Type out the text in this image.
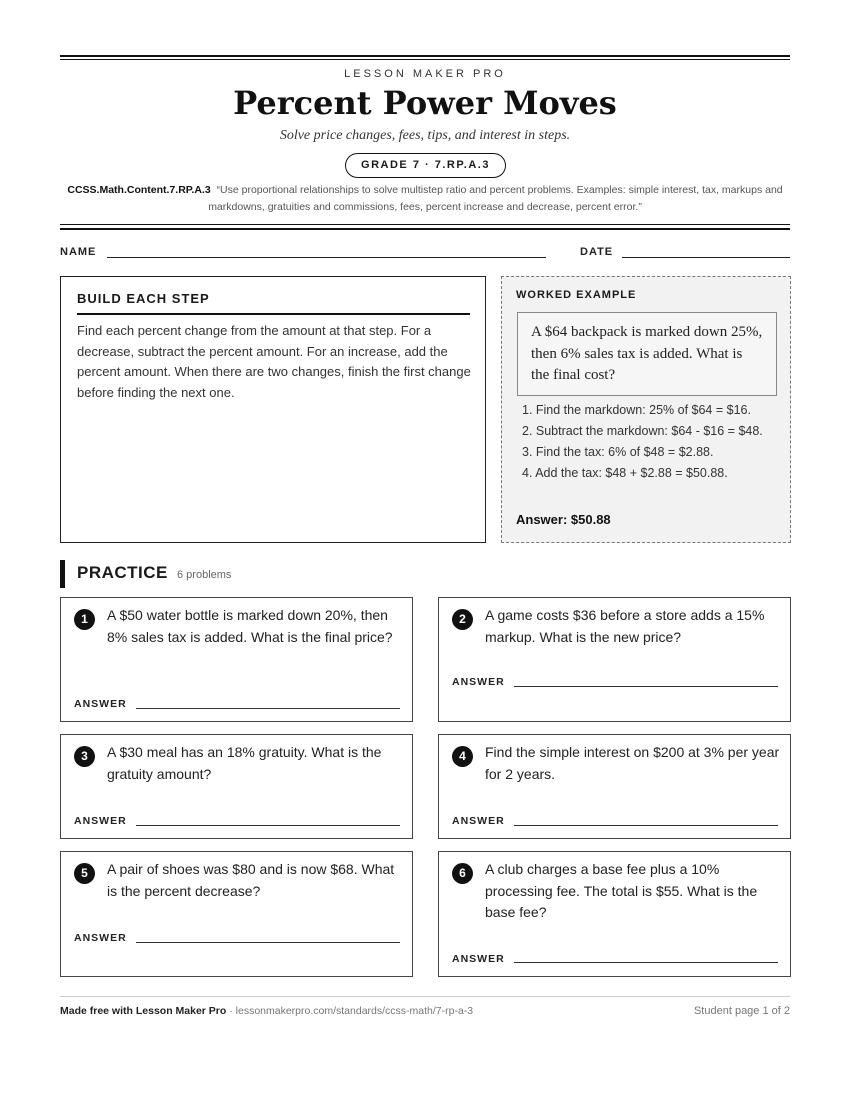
LESSON MAKER PRO
Percent Power Moves
Solve price changes, fees, tips, and interest in steps.
GRADE 7 · 7.RP.A.3
CCSS.Math.Content.7.RP.A.3 “Use proportional relationships to solve multistep ratio and percent problems. Examples: simple interest, tax, markups and markdowns, gratuities and commissions, fees, percent increase and decrease, percent error.”
NAME	DATE
BUILD EACH STEP

Find each percent change from the amount at that step. For a decrease, subtract the percent amount. For an increase, add the percent amount. When there are two changes, finish the first change before finding the next one.

WORKED EXAMPLE
A $64 backpack is marked down 25%, then 6% sales tax is added. What is the final cost?
1. Find the markdown: 25% of $64 = $16.
2. Subtract the markdown: $64 - $16 = $48.
3. Find the tax: 6% of $48 = $2.88.
4. Add the tax: $48 + $2.88 = $50.88.
Answer: $50.88
PRACTICE 6 problems
1	A $50 water bottle is marked down 20%, then 8% sales tax is added. What is the final price?
ANSWER
2	A game costs $36 before a store adds a 15% markup. What is the new price?
ANSWER
3	A $30 meal has an 18% gratuity. What is the gratuity amount?
ANSWER
4	Find the simple interest on $200 at 3% per year for 2 years.
ANSWER
5	A pair of shoes was $80 and is now $68. What is the percent decrease?
ANSWER
6	A club charges a base fee plus a 10% processing fee. The total is $55. What is the base fee?
ANSWER
Made free with Lesson Maker Pro · lessonmakerpro.com/standards/ccss-math/7-rp-a-3	Student page 1 of 2
